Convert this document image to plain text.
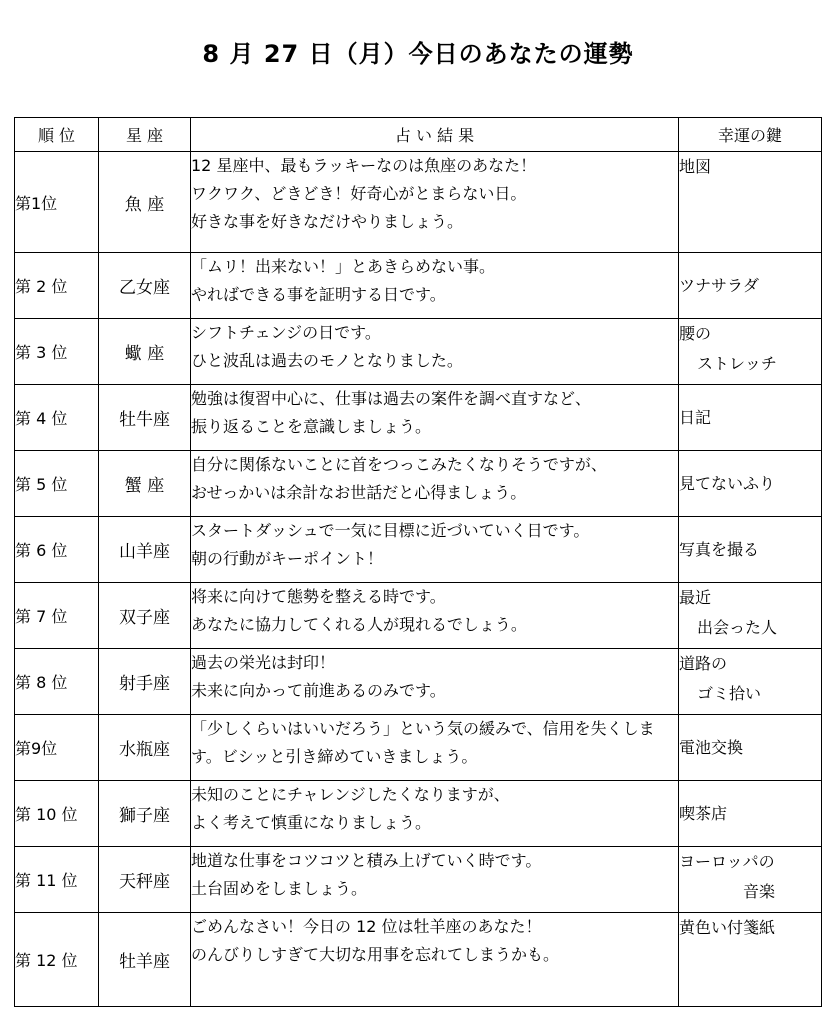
8 月 27 日（月）今日のあなたの運勢
順 位	星 座	占 い 結 果	幸運の鍵
第1位	魚 座	12 星座中、最もラッキーなのは魚座のあなた！
ワクワク、どきどき！好奇心がとまらない日。
好きな事を好きなだけやりましょう。	地図

第 2 位	乙女座	「ムリ！出来ない！」とあきらめない事。
やればできる事を証明する日です。	ツナサラダ

第 3 位	蠍 座	シフトチェンジの日です。
ひと波乱は過去のモノとなりました。	腰の
ストレッチ

第 4 位	牡牛座	勉強は復習中心に、仕事は過去の案件を調べ直すなど、
振り返ることを意識しましょう。	日記

第 5 位	蟹 座	自分に関係ないことに首をつっこみたくなりそうですが、
おせっかいは余計なお世話だと心得ましょう。	見てないふり

第 6 位	山羊座	スタートダッシュで一気に目標に近づいていく日です。
朝の行動がキーポイント！	写真を撮る

第 7 位	双子座	将来に向けて態勢を整える時です。
あなたに協力してくれる人が現れるでしょう。	最近
出会った人

第 8 位	射手座	過去の栄光は封印！
未来に向かって前進あるのみです。	道路の
ゴミ拾い

第9位	水瓶座	「少しくらいはいいだろう」という気の緩みで、信用を失くしま
す。ビシッと引き締めていきましょう。	電池交換

第 10 位	獅子座	未知のことにチャレンジしたくなりますが、
よく考えて慎重になりましょう。	喫茶店

第 11 位	天秤座	地道な仕事をコツコツと積み上げていく時です。
土台固めをしましょう。	ヨーロッパの
音楽

第 12 位	牡羊座	ごめんなさい！今日の 12 位は牡羊座のあなた！
のんびりしすぎて大切な用事を忘れてしまうかも。	黄色い付箋紙
